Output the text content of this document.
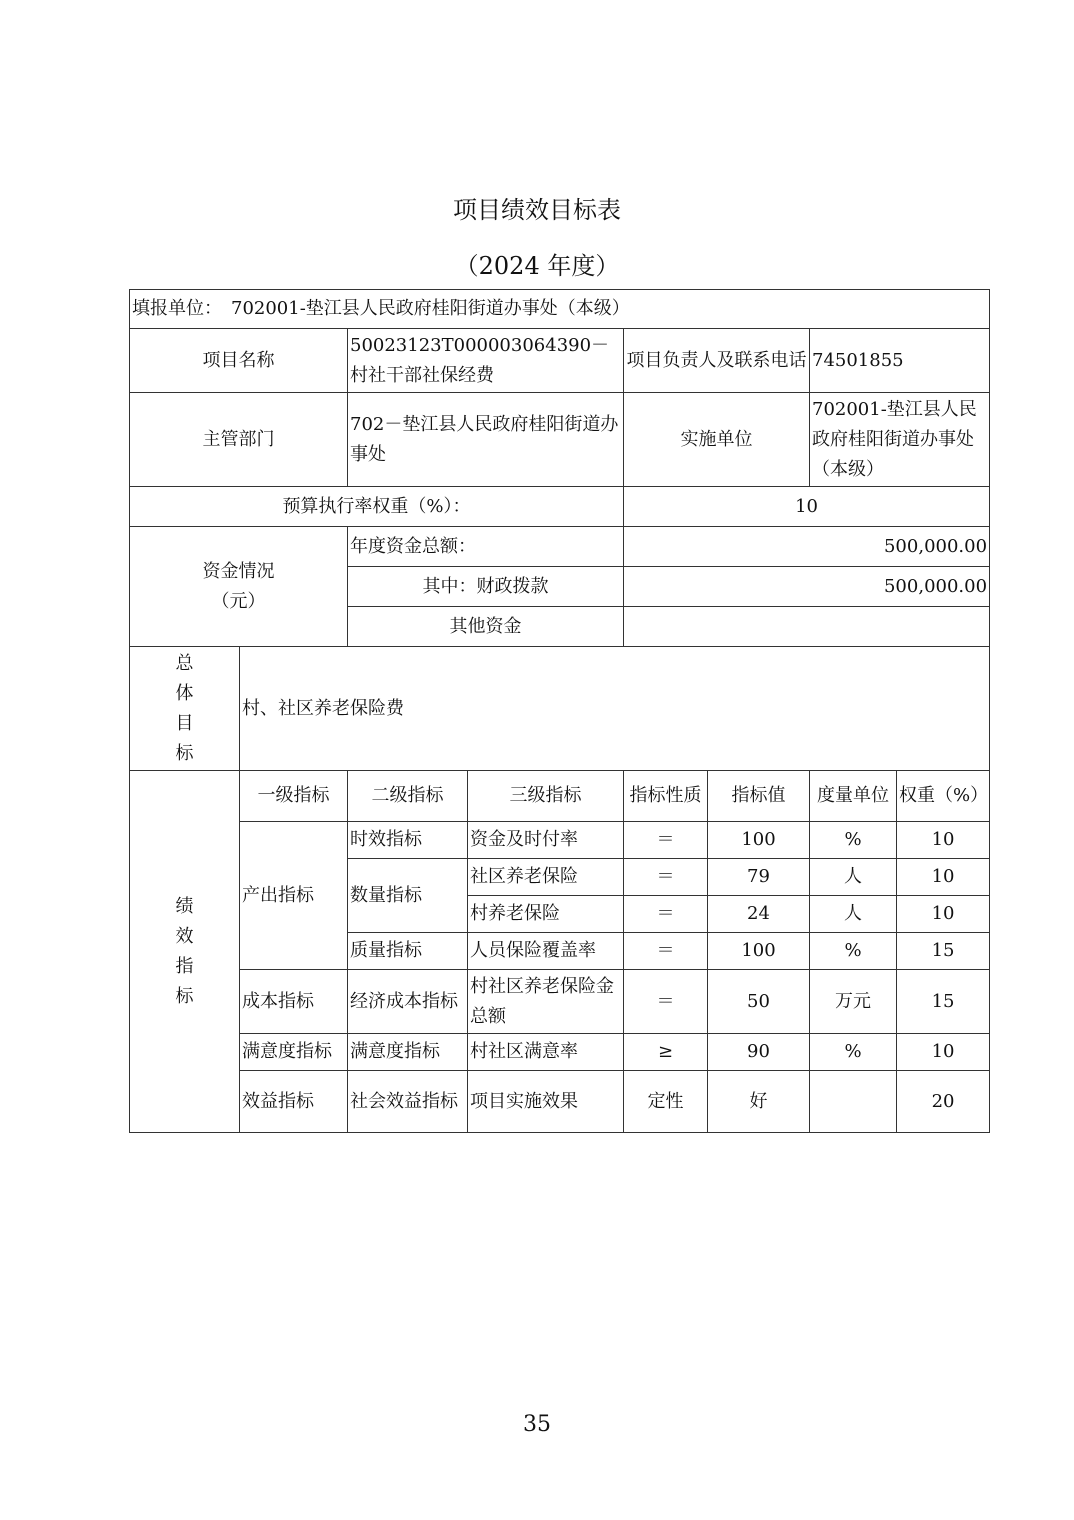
项目绩效目标表
（2024 年度）
填报单位：　702001-垫江县人民政府桂阳街道办事处（本级）							
项目名称		50023123T000003064390－村社干部社保经费		项目负责人及联系电话		74501855	
主管部门		702－垫江县人民政府桂阳街道办事处		实施单位		702001-垫江县人民政府桂阳街道办事处（本级）	
预算执行率权重（%）：				10			

资金情况
（元）		年度资金总额：		500,000.00			
		其中：财政拨款		500,000.00			
		其他资金					

总
体
目
标	村、社区养老保险费						

绩
效
指
标	一级指标	二级指标	三级指标	指标性质	指标值	度量单位	权重（%）
	产出指标	时效指标	资金及时付率	＝	100	%	10
		数量指标	社区养老保险	＝	79	人	10
			村养老保险	＝	24	人	10
		质量指标	人员保险覆盖率	＝	100	%	15
	成本指标	经济成本指标	村社区养老保险金总额	＝	50	万元	15
	满意度指标	满意度指标	村社区满意率	≥	90	%	10
	效益指标	社会效益指标	项目实施效果	定性	好		20
35
